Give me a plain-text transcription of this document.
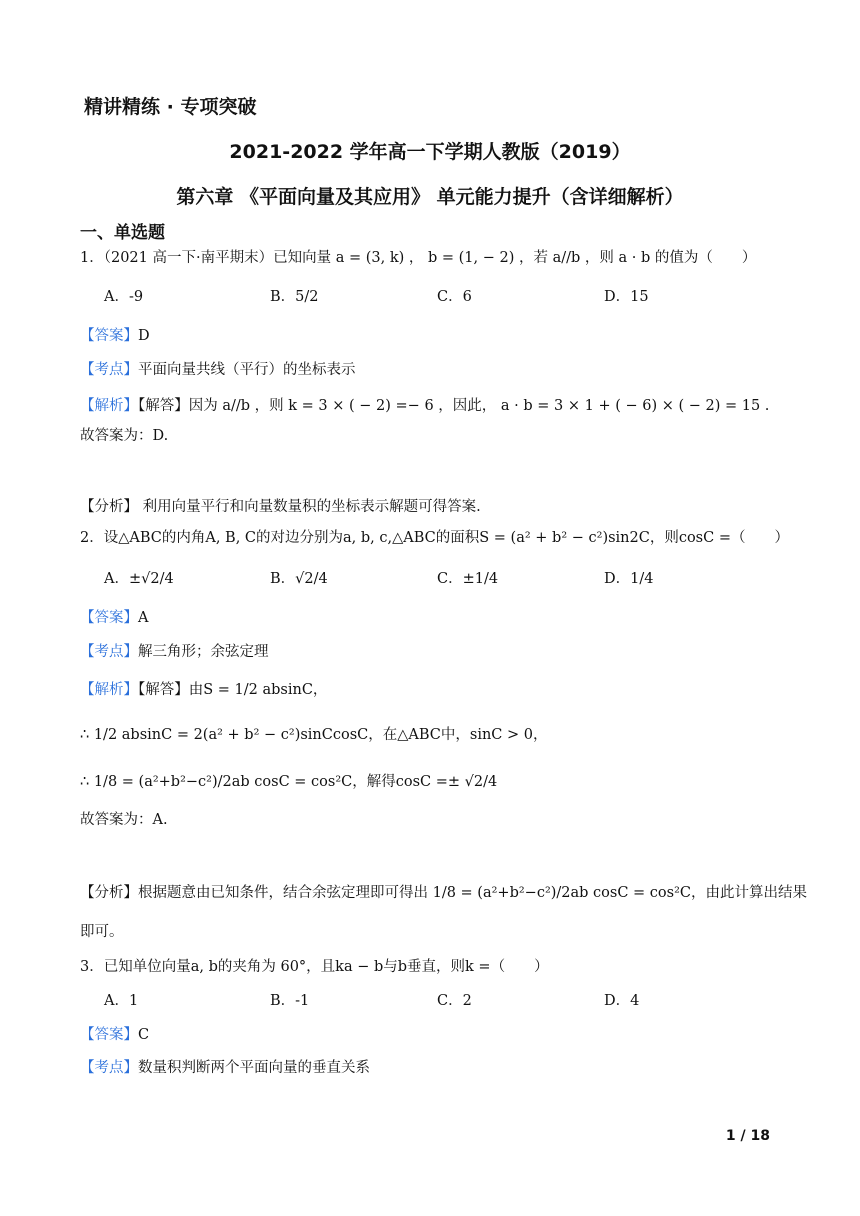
精讲精练 · 专项突破
2021-2022 学年高一下学期人教版（2019）
第六章 《平面向量及其应用》 单元能力提升（含详细解析）
一、单选题
1．（2021 高一下·南平期末）已知向量 a = (3, k) ， b = (1, − 2) ，若 a//b ，则 a · b 的值为（　　）
A．-9	B．5/2	C．6	D．15
【答案】D
【考点】平面向量共线（平行）的坐标表示
【解析】【解答】因为 a//b ，则 k = 3 × ( − 2) =− 6 ，因此， a · b = 3 × 1 + ( − 6) × ( − 2) = 15 .
故答案为：D.
【分析】 利用向量平行和向量数量积的坐标表示解题可得答案.
2．设△ABC的内角A, B, C的对边分别为a, b, c,△ABC的面积S = (a² + b² − c²)sin2C，则cosC =（　　）
A．±√2/4	B．√2/4	C．±1/4	D．1/4
【答案】A
【考点】解三角形；余弦定理
【解析】【解答】由S = 1/2 absinC，
∴ 1/2 absinC = 2(a² + b² − c²)sinCcosC，在△ABC中，sinC > 0，
∴ 1/8 = (a²+b²−c²)/2ab cosC = cos²C，解得cosC =± √2/4
故答案为：A.
【分析】根据题意由已知条件，结合余弦定理即可得出 1/8 = (a²+b²−c²)/2ab cosC = cos²C，由此计算出结果
即可。
3．已知单位向量a, b的夹角为 60°，且ka − b与b垂直，则k =（　　）
A．1	B．-1	C．2	D．4
【答案】C
【考点】数量积判断两个平面向量的垂直关系
1 / 18
